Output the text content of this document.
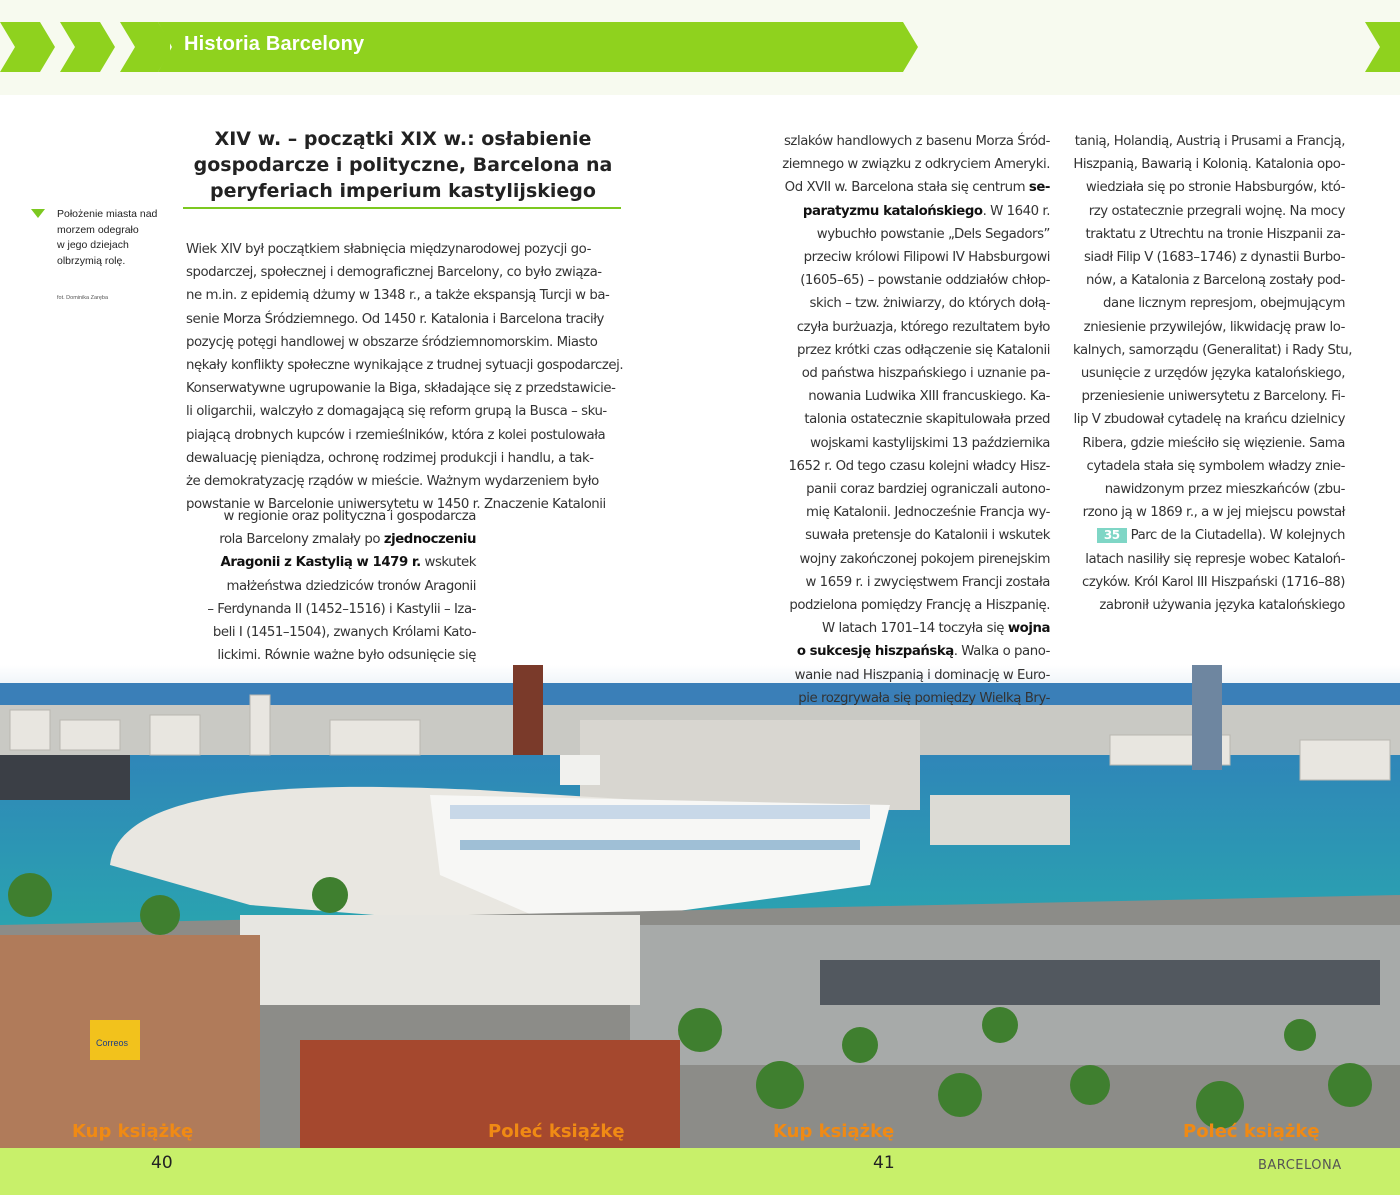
Historia Barcelony
Położenie miasta nad
morzem odegrało
w jego dziejach
olbrzymią rolę.
fot. Dominika Zaręba
XIV w. – początki XIX w.: osłabienie
gospodarcze i polityczne, Barcelona na
peryferiach imperium kastylijskiego
Wiek XIV był początkiem słabnięcia międzynarodowej pozycji go-
spodarczej, społecznej i demograficznej Barcelony, co było związa-
ne m.in. z epidemią dżumy w 1348 r., a także ekspansją Turcji w ba-
senie Morza Śródziemnego. Od 1450 r. Katalonia i Barcelona traciły
pozycję potęgi handlowej w obszarze śródziemnomorskim. Miasto
nękały konflikty społeczne wynikające z trudnej sytuacji gospodarczej.
Konserwatywne ugrupowanie la Biga, składające się z przedstawicie-
li oligarchii, walczyło z domagającą się reform grupą la Busca – sku-
piającą drobnych kupców i rzemieślników, która z kolei postulowała
dewaluację pieniądza, ochronę rodzimej produkcji i handlu, a tak-
że demokratyzację rządów w mieście. Ważnym wydarzeniem było
powstanie w Barcelonie uniwersytetu w 1450 r. Znaczenie Katalonii
Correos
w regionie oraz polityczna i gospodarcza
rola Barcelony zmalały po zjednoczeniu
Aragonii z Kastylią w 1479 r. wskutek
małżeństwa dziedziców tronów Aragonii
– Ferdynanda II (1452–1516) i Kastylii – Iza-
beli I (1451–1504), zwanych Królami Kato-
lickimi. Równie ważne było odsunięcie się
szlaków handlowych z basenu Morza Śród-
ziemnego w związku z odkryciem Ameryki.
Od XVII w. Barcelona stała się centrum se-
paratyzmu katalońskiego. W 1640 r.
wybuchło powstanie „Dels Segadors”
przeciw królowi Filipowi IV Habsburgowi
(1605–65) – powstanie oddziałów chłop-
skich – tzw. żniwiarzy, do których dołą-
czyła burżuazja, którego rezultatem było
przez krótki czas odłączenie się Katalonii
od państwa hiszpańskiego i uznanie pa-
nowania Ludwika XIII francuskiego. Ka-
talonia ostatecznie skapitulowała przed
wojskami kastylijskimi 13 października
1652 r. Od tego czasu kolejni władcy Hisz-
panii coraz bardziej ograniczali autono-
mię Katalonii. Jednocześnie Francja wy-
suwała pretensje do Katalonii i wskutek
wojny zakończonej pokojem pirenejskim
w 1659 r. i zwycięstwem Francji została
podzielona pomiędzy Francję a Hiszpanię.
W latach 1701–14 toczyła się wojna
o sukcesję hiszpańską. Walka o pano-
wanie nad Hiszpanią i dominację w Euro-
pie rozgrywała się pomiędzy Wielką Bry-
tanią, Holandią, Austrią i Prusami a Francją,
Hiszpanią, Bawarią i Kolonią. Katalonia opo-
wiedziała się po stronie Habsburgów, któ-
rzy ostatecznie przegrali wojnę. Na mocy
traktatu z Utrechtu na tronie Hiszpanii za-
siadł Filip V (1683–1746) z dynastii Burbo-
nów, a Katalonia z Barceloną zostały pod-
dane licznym represjom, obejmującym
zniesienie przywilejów, likwidację praw lo-
kalnych, samorządu (Generalitat) i Rady Stu,
usunięcie z urzędów języka katalońskiego,
przeniesienie uniwersytetu z Barcelony. Fi-
lip V zbudował cytadelę na krańcu dzielnicy
Ribera, gdzie mieściło się więzienie. Sama
cytadela stała się symbolem władzy znie-
nawidzonym przez mieszkańców (zbu-
rzono ją w 1869 r., a w jej miejscu powstał
35 Parc de la Ciutadella). W kolejnych
latach nasiliły się represje wobec Kataloń-
czyków. Król Karol III Hiszpański (1716–88)
zabronił używania języka katalońskiego
Kup książkę	Poleć książkę	Kup książkę	Poleć książkę
40	41	BARCELONA
